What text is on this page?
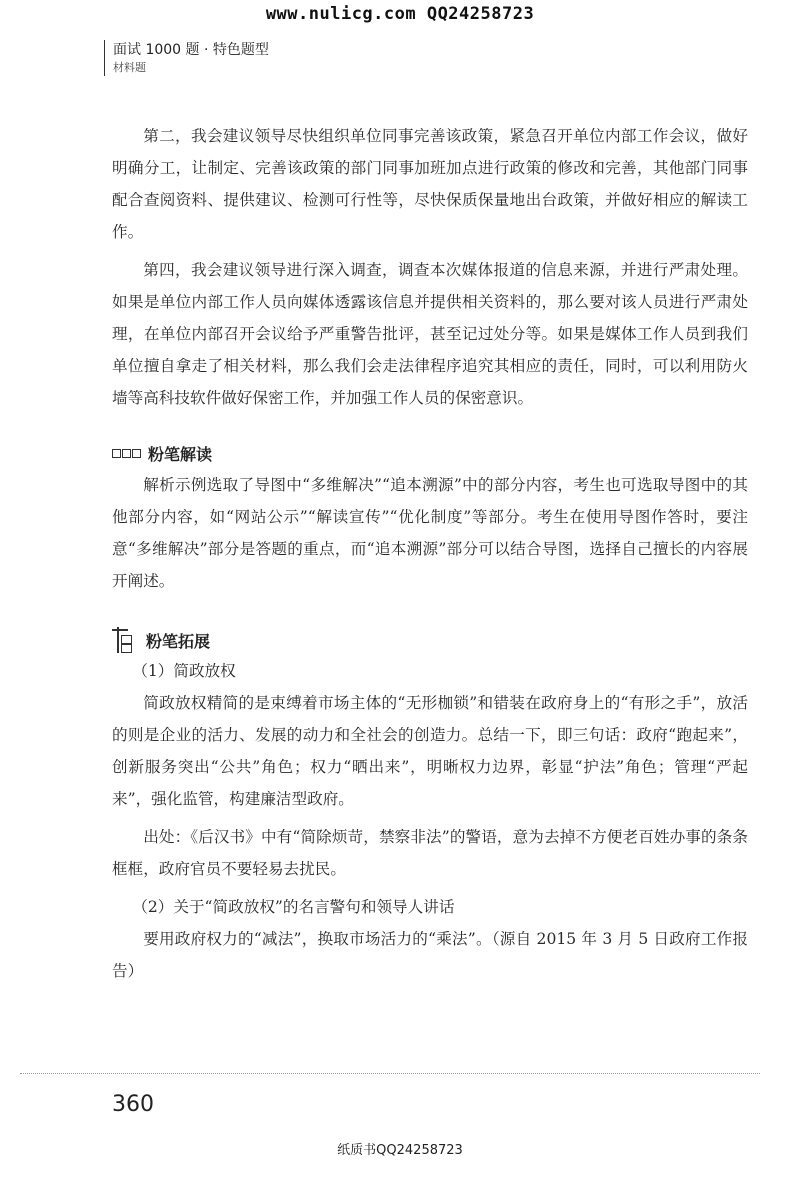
www.nulicg.com QQ24258723
面试 1000 题 · 特色题型
材料题

第二，我会建议领导尽快组织单位同事完善该政策，紧急召开单位内部工作会议，做好明确分工，让制定、完善该政策的部门同事加班加点进行政策的修改和完善，其他部门同事配合查阅资料、提供建议、检测可行性等，尽快保质保量地出台政策，并做好相应的解读工作。

第四，我会建议领导进行深入调查，调查本次媒体报道的信息来源，并进行严肃处理。如果是单位内部工作人员向媒体透露该信息并提供相关资料的，那么要对该人员进行严肃处理，在单位内部召开会议给予严重警告批评，甚至记过处分等。如果是媒体工作人员到我们单位擅自拿走了相关材料，那么我们会走法律程序追究其相应的责任，同时，可以利用防火墙等高科技软件做好保密工作，并加强工作人员的保密意识。

粉笔解读

解析示例选取了导图中“多维解决”“追本溯源”中的部分内容，考生也可选取导图中的其他部分内容，如“网站公示”“解读宣传”“优化制度”等部分。考生在使用导图作答时，要注意“多维解决”部分是答题的重点，而“追本溯源”部分可以结合导图，选择自己擅长的内容展开阐述。

粉笔拓展

（1）简政放权

简政放权精简的是束缚着市场主体的“无形枷锁”和错装在政府身上的“有形之手”，放活的则是企业的活力、发展的动力和全社会的创造力。总结一下，即三句话：政府“跑起来”，创新服务突出“公共”角色；权力“晒出来”，明晰权力边界，彰显“护法”角色；管理“严起来”，强化监管，构建廉洁型政府。

出处：《后汉书》中有“简除烦苛，禁察非法”的警语，意为去掉不方便老百姓办事的条条框框，政府官员不要轻易去扰民。

（2）关于“简政放权”的名言警句和领导人讲话

要用政府权力的“减法”，换取市场活力的“乘法”。（源自 2015 年 3 月 5 日政府工作报告）

360
纸质书QQ24258723
